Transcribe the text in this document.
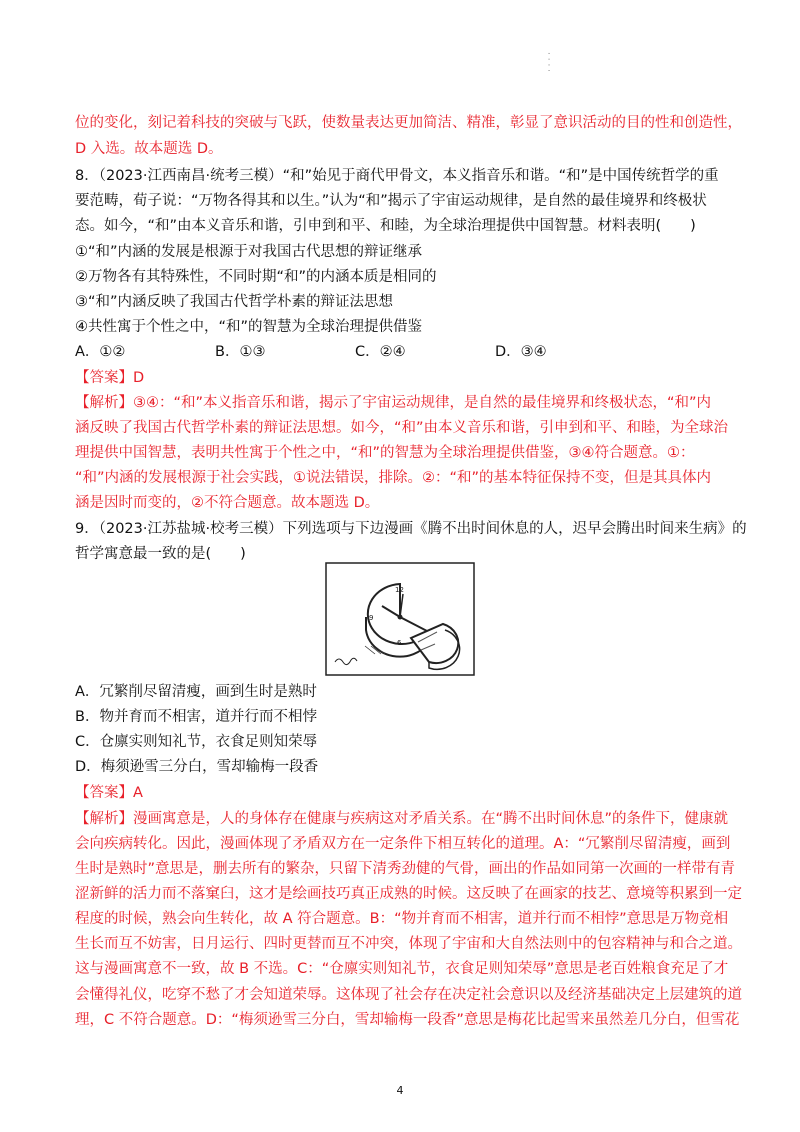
· · · ·
位的变化，刻记着科技的突破与飞跃，使数量表达更加简洁、精准，彰显了意识活动的目的性和创造性，
D 入选。故本题选 D。
8．（2023·江西南昌·统考三模）“和”始见于商代甲骨文，本义指音乐和谐。“和”是中国传统哲学的重
要范畴，荀子说：“万物各得其和以生。”认为“和”揭示了宇宙运动规律，是自然的最佳境界和终极状
态。如今，“和”由本义音乐和谐，引申到和平、和睦，为全球治理提供中国智慧。材料表明(　　)
①“和”内涵的发展是根源于对我国古代思想的辩证继承
②万物各有其特殊性，不同时期“和”的内涵本质是相同的
③“和”内涵反映了我国古代哲学朴素的辩证法思想
④共性寓于个性之中，“和”的智慧为全球治理提供借鉴
A．①②	B．①③	C．②④	D．③④
【答案】D
【解析】③④：“和”本义指音乐和谐，揭示了宇宙运动规律，是自然的最佳境界和终极状态，“和”内
涵反映了我国古代哲学朴素的辩证法思想。如今，“和”由本义音乐和谐，引申到和平、和睦，为全球治
理提供中国智慧，表明共性寓于个性之中，“和”的智慧为全球治理提供借鉴，③④符合题意。①：
“和”内涵的发展根源于社会实践，①说法错误，排除。②：“和”的基本特征保持不变，但是其具体内
涵是因时而变的，②不符合题意。故本题选 D。
9．（2023·江苏盐城·校考三模）下列选项与下边漫画《腾不出时间休息的人，迟早会腾出时间来生病》的
哲学寓意最一致的是(　　)
12
9
6
A．冗繁削尽留清瘦，画到生时是熟时
B．物并育而不相害，道并行而不相悖
C．仓廪实则知礼节，衣食足则知荣辱
D．梅须逊雪三分白，雪却输梅一段香
【答案】A
【解析】漫画寓意是，人的身体存在健康与疾病这对矛盾关系。在“腾不出时间休息”的条件下，健康就
会向疾病转化。因此，漫画体现了矛盾双方在一定条件下相互转化的道理。A：“冗繁削尽留清瘦，画到
生时是熟时”意思是，删去所有的繁杂，只留下清秀劲健的气骨，画出的作品如同第一次画的一样带有青
涩新鲜的活力而不落窠臼，这才是绘画技巧真正成熟的时候。这反映了在画家的技艺、意境等积累到一定
程度的时候，熟会向生转化，故 A 符合题意。B：“物并育而不相害，道并行而不相悖”意思是万物竞相
生长而互不妨害，日月运行、四时更替而互不冲突，体现了宇宙和大自然法则中的包容精神与和合之道。
这与漫画寓意不一致，故 B 不选。C：“仓廪实则知礼节，衣食足则知荣辱”意思是老百姓粮食充足了才
会懂得礼仪，吃穿不愁了才会知道荣辱。这体现了社会存在决定社会意识以及经济基础决定上层建筑的道
理，C 不符合题意。D：“梅须逊雪三分白，雪却输梅一段香”意思是梅花比起雪来虽然差几分白，但雪花
4
